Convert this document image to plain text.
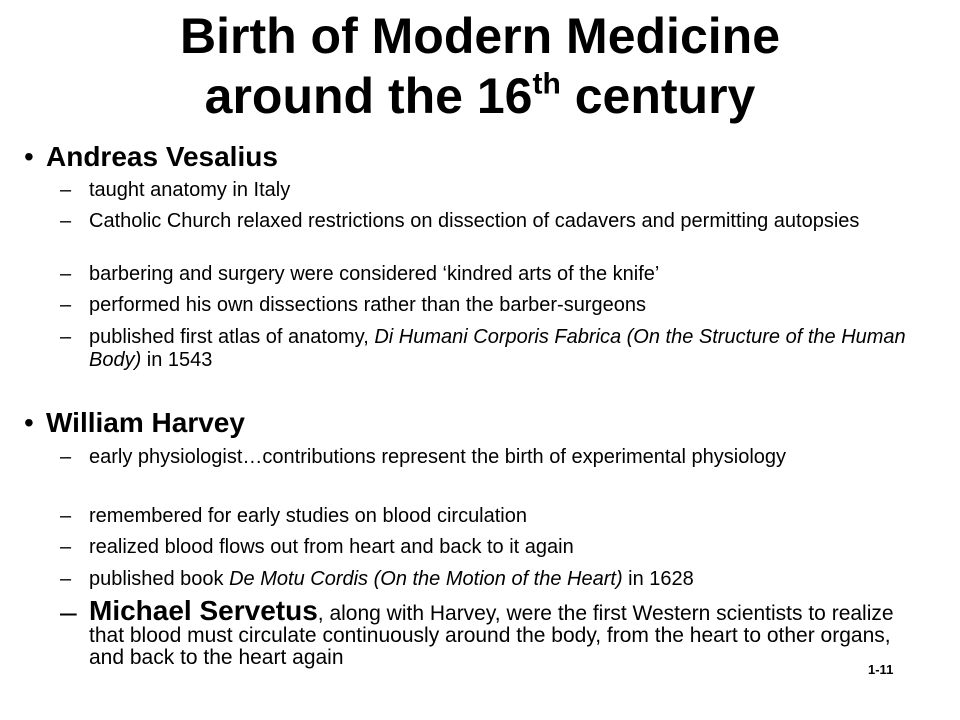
Birth of Modern Medicine
around the 16th century
• Andreas Vesalius
– taught anatomy in Italy
– Catholic Church relaxed restrictions on dissection of cadavers and permitting autopsies
– barbering and surgery were considered ‘kindred arts of the knife’
– performed his own dissections rather than the barber-surgeons
– published first atlas of anatomy, Di Humani Corporis Fabrica (On the Structure of the Human Body) in 1543
• William Harvey
– early physiologist…contributions represent the birth of experimental physiology
– remembered for early studies on blood circulation
– realized blood flows out from heart and back to it again
– published book De Motu Cordis (On the Motion of the Heart) in 1628
– Michael Servetus, along with Harvey, were the first Western scientists to realize that blood must circulate continuously around the body, from the heart to other organs, and back to the heart again
1-11
